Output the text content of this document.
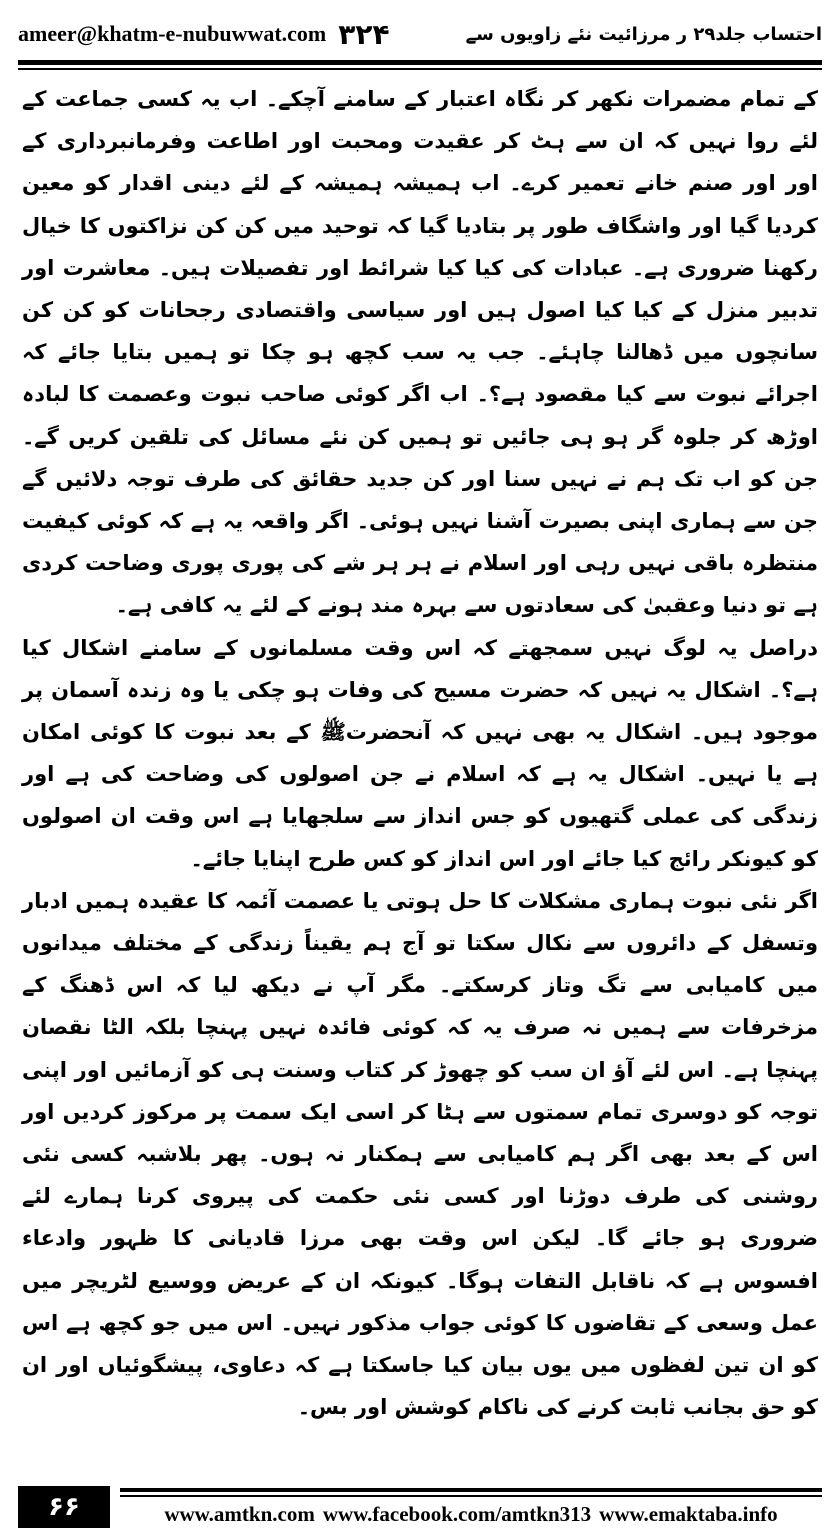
ameer@khatm-e-nubuwwat.com ۳۲۴	احتساب جلد۲۹ ر مرزائیت نئے زاویوں سے

کے تمام مضمرات نکھر کر نگاہ اعتبار کے سامنے آچکے۔ اب یہ کسی جماعت کے لئے روا نہیں کہ ان سے ہٹ کر عقیدت ومحبت اور اطاعت وفرمانبرداری کے اور اور صنم خانے تعمیر کرے۔ اب ہمیشہ ہمیشہ کے لئے دینی اقدار کو معین کردیا گیا اور واشگاف طور پر بتادیا گیا کہ توحید میں کن کن نزاکتوں کا خیال رکھنا ضروری ہے۔ عبادات کی کیا کیا شرائط اور تفصیلات ہیں۔ معاشرت اور تدبیر منزل کے کیا کیا اصول ہیں اور سیاسی واقتصادی رجحانات کو کن کن سانچوں میں ڈھالنا چاہئے۔ جب یہ سب کچھ ہو چکا تو ہمیں بتایا جائے کہ اجرائے نبوت سے کیا مقصود ہے؟۔ اب اگر کوئی صاحب نبوت وعصمت کا لبادہ اوڑھ کر جلوہ گر ہو ہی جائیں تو ہمیں کن نئے مسائل کی تلقین کریں گے۔ جن کو اب تک ہم نے نہیں سنا اور کن جدید حقائق کی طرف توجہ دلائیں گے جن سے ہماری اپنی بصیرت آشنا نہیں ہوئی۔ اگر واقعہ یہ ہے کہ کوئی کیفیت منتظرہ باقی نہیں رہی اور اسلام نے ہر ہر شے کی پوری پوری وضاحت کردی ہے تو دنیا وعقبیٰ کی سعادتوں سے بہرہ مند ہونے کے لئے یہ کافی ہے۔

دراصل یہ لوگ نہیں سمجھتے کہ اس وقت مسلمانوں کے سامنے اشکال کیا ہے؟۔ اشکال یہ نہیں کہ حضرت مسیح کی وفات ہو چکی یا وہ زندہ آسمان پر موجود ہیں۔ اشکال یہ بھی نہیں کہ آنحضرتﷺ کے بعد نبوت کا کوئی امکان ہے یا نہیں۔ اشکال یہ ہے کہ اسلام نے جن اصولوں کی وضاحت کی ہے اور زندگی کی عملی گتھیوں کو جس انداز سے سلجھایا ہے اس وقت ان اصولوں کو کیونکر رائج کیا جائے اور اس انداز کو کس طرح اپنایا جائے۔

اگر نئی نبوت ہماری مشکلات کا حل ہوتی یا عصمت آئمہ کا عقیدہ ہمیں ادبار وتسفل کے دائروں سے نکال سکتا تو آج ہم یقیناً زندگی کے مختلف میدانوں میں کامیابی سے تگ وتاز کرسکتے۔ مگر آپ نے دیکھ لیا کہ اس ڈھنگ کے مزخرفات سے ہمیں نہ صرف یہ کہ کوئی فائدہ نہیں پہنچا بلکہ الٹا نقصان پہنچا ہے۔ اس لئے آؤ ان سب کو چھوڑ کر کتاب وسنت ہی کو آزمائیں اور اپنی توجہ کو دوسری تمام سمتوں سے ہٹا کر اسی ایک سمت پر مرکوز کردیں اور اس کے بعد بھی اگر ہم کامیابی سے ہمکنار نہ ہوں۔ پھر بلاشبہ کسی نئی روشنی کی طرف دوڑنا اور کسی نئی حکمت کی پیروی کرنا ہمارے لئے ضروری ہو جائے گا۔ لیکن اس وقت بھی مرزا قادیانی کا ظہور وادعاء افسوس ہے کہ ناقابل التفات ہوگا۔ کیونکہ ان کے عریض ووسیع لٹریچر میں عمل وسعی کے تقاضوں کا کوئی جواب مذکور نہیں۔ اس میں جو کچھ ہے اس کو ان تین لفظوں میں یوں بیان کیا جاسکتا ہے کہ دعاوی، پیشگوئیاں اور ان کو حق بجانب ثابت کرنے کی ناکام کوشش اور بس۔

۶۶	www.amtkn.com www.facebook.com/amtkn313 www.emaktaba.info
